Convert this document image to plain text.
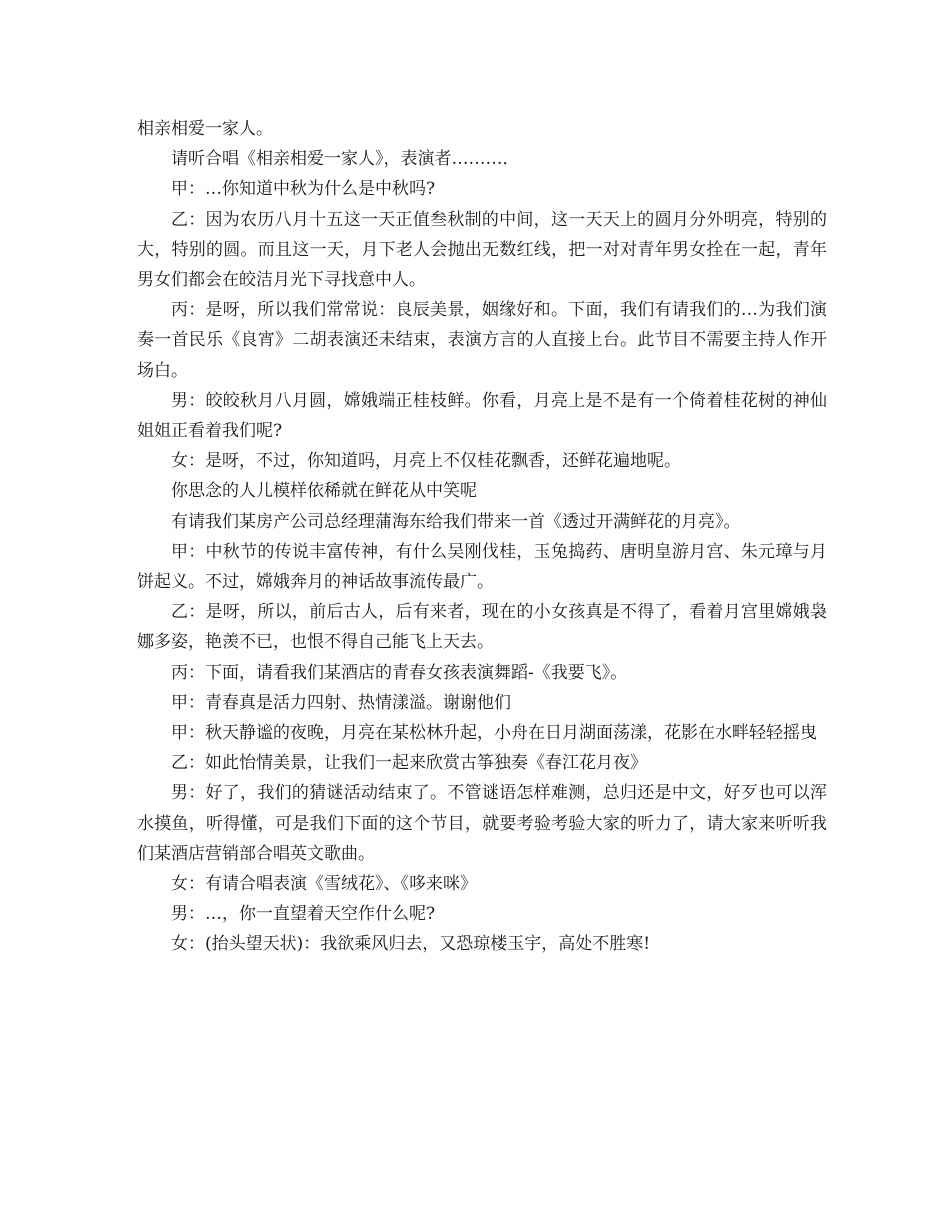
相亲相爱一家人。

请听合唱《相亲相爱一家人》，表演者………．

甲：…你知道中秋为什么是中秋吗?

乙：因为农历八月十五这一天正值叁秋制的中间，这一天天上的圆月分外明亮，特别的大，特别的圆。而且这一天，月下老人会抛出无数红线，把一对对青年男女拴在一起，青年男女们都会在皎洁月光下寻找意中人。

丙：是呀，所以我们常常说：良辰美景，姻缘好和。下面，我们有请我们的…为我们演奏一首民乐《良宵》二胡表演还未结束，表演方言的人直接上台。此节目不需要主持人作开场白。

男：皎皎秋月八月圆，嫦娥端正桂枝鲜。你看，月亮上是不是有一个倚着桂花树的神仙姐姐正看着我们呢?

女：是呀，不过，你知道吗，月亮上不仅桂花飘香，还鲜花遍地呢。

你思念的人儿模样依稀就在鲜花从中笑呢

有请我们某房产公司总经理蒲海东给我们带来一首《透过开满鲜花的月亮》。

甲：中秋节的传说丰富传神，有什么吴刚伐桂，玉兔捣药、唐明皇游月宫、朱元璋与月饼起义。不过，嫦娥奔月的神话故事流传最广。

乙：是呀，所以，前后古人，后有来者，现在的小女孩真是不得了，看着月宫里嫦娥袅娜多姿，艳羡不已，也恨不得自己能飞上天去。

丙：下面，请看我们某酒店的青春女孩表演舞蹈-《我要飞》。

甲：青春真是活力四射、热情漾溢。谢谢他们

甲：秋天静谧的夜晚，月亮在某松林升起，小舟在日月湖面荡漾，花影在水畔轻轻摇曳

乙：如此怡情美景，让我们一起来欣赏古筝独奏《春江花月夜》

男：好了，我们的猜谜活动结束了。不管谜语怎样难测，总归还是中文，好歹也可以浑水摸鱼，听得懂，可是我们下面的这个节目，就要考验考验大家的听力了，请大家来听听我们某酒店营销部合唱英文歌曲。

女：有请合唱表演《雪绒花》、《哆来咪》

男：…，你一直望着天空作什么呢?

女：(抬头望天状)：我欲乘风归去，又恐琼楼玉宇，高处不胜寒!
